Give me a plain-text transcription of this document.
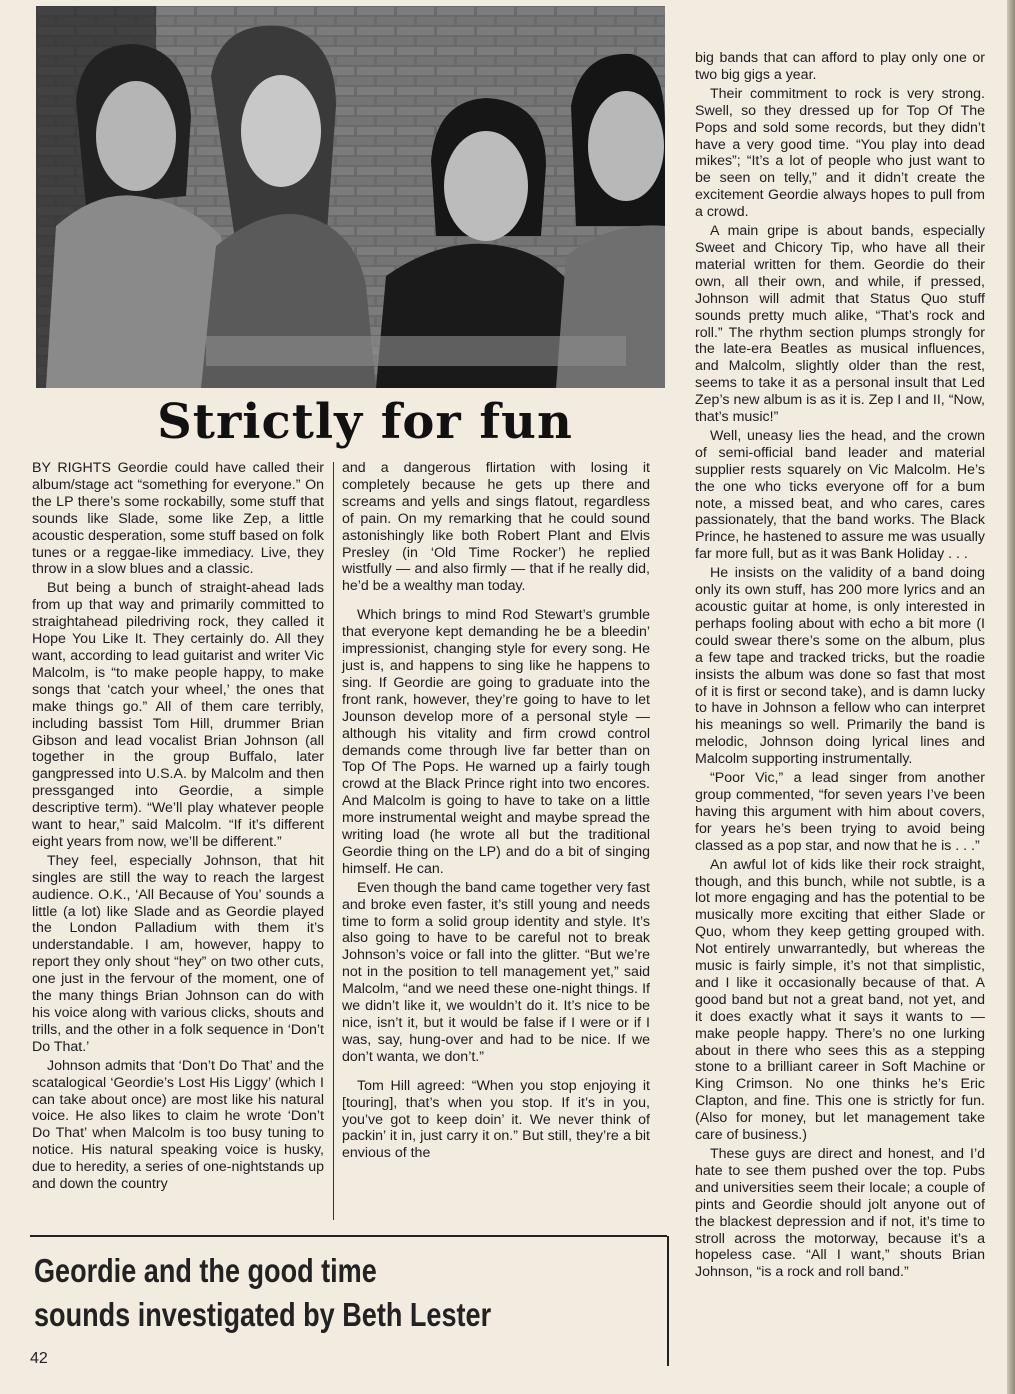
Strictly for fun

BY RIGHTS Geordie could have called their album/stage act “something for everyone.” On the LP there’s some rockabilly, some stuff that sounds like Slade, some like Zep, a little acoustic desperation, some stuff based on folk tunes or a reggae-like immediacy. Live, they throw in a slow blues and a classic.

But being a bunch of straight-ahead lads from up that way and primarily committed to straightahead piledriving rock, they called it Hope You Like It. They certainly do. All they want, according to lead guitarist and writer Vic Malcolm, is “to make people happy, to make songs that ‘catch your wheel,’ the ones that make things go.” All of them care terribly, including bassist Tom Hill, drummer Brian Gibson and lead vocalist Brian Johnson (all together in the group Buffalo, later gangpressed into U.S.A. by Malcolm and then pressganged into Geordie, a simple descriptive term). “We’ll play whatever people want to hear,” said Malcolm. “If it’s different eight years from now, we’ll be different.”

They feel, especially Johnson, that hit singles are still the way to reach the largest audience. O.K., ‘All Because of You’ sounds a little (a lot) like Slade and as Geordie played the London Palladium with them it’s understandable. I am, however, happy to report they only shout “hey” on two other cuts, one just in the fervour of the moment, one of the many things Brian Johnson can do with his voice along with various clicks, shouts and trills, and the other in a folk sequence in ‘Don’t Do That.’

Johnson admits that ‘Don’t Do That’ and the scatalogical ‘Geordie’s Lost His Liggy’ (which I can take about once) are most like his natural voice. He also likes to claim he wrote ‘Don’t Do That’ when Malcolm is too busy tuning to notice. His natural speaking voice is husky, due to heredity, a series of one-nightstands up and down the country

and a dangerous flirtation with losing it completely because he gets up there and screams and yells and sings flatout, regardless of pain. On my remarking that he could sound astonishingly like both Robert Plant and Elvis Presley (in ‘Old Time Rocker’) he replied wistfully — and also firmly — that if he really did, he’d be a wealthy man today.

Which brings to mind Rod Stewart’s grumble that everyone kept demanding he be a bleedin’ impressionist, changing style for every song. He just is, and happens to sing like he happens to sing. If Geordie are going to graduate into the front rank, however, they’re going to have to let Jounson develop more of a personal style — although his vitality and firm crowd control demands come through live far better than on Top Of The Pops. He warned up a fairly tough crowd at the Black Prince right into two encores. And Malcolm is going to have to take on a little more instrumental weight and maybe spread the writing load (he wrote all but the traditional Geordie thing on the LP) and do a bit of singing himself. He can.

Even though the band came together very fast and broke even faster, it’s still young and needs time to form a solid group identity and style. It’s also going to have to be careful not to break Johnson’s voice or fall into the glitter. “But we’re not in the position to tell management yet,” said Malcolm, “and we need these one-night things. If we didn’t like it, we wouldn’t do it. It’s nice to be nice, isn’t it, but it would be false if I were or if I was, say, hung-over and had to be nice. If we don’t wanta, we don’t.”

Tom Hill agreed: “When you stop enjoying it [touring], that’s when you stop. If it’s in you, you’ve got to keep doin’ it. We never think of packin’ it in, just carry it on.” But still, they’re a bit envious of the

big bands that can afford to play only one or two big gigs a year.

Their commitment to rock is very strong. Swell, so they dressed up for Top Of The Pops and sold some records, but they didn’t have a very good time. “You play into dead mikes”; “It’s a lot of people who just want to be seen on telly,” and it didn’t create the excitement Geordie always hopes to pull from a crowd.

A main gripe is about bands, especially Sweet and Chicory Tip, who have all their material written for them. Geordie do their own, all their own, and while, if pressed, Johnson will admit that Status Quo stuff sounds pretty much alike, “That’s rock and roll.” The rhythm section plumps strongly for the late-era Beatles as musical influences, and Malcolm, slightly older than the rest, seems to take it as a personal insult that Led Zep’s new album is as it is. Zep I and II, “Now, that’s music!”

Well, uneasy lies the head, and the crown of semi-official band leader and material supplier rests squarely on Vic Malcolm. He’s the one who ticks everyone off for a bum note, a missed beat, and who cares, cares passionately, that the band works. The Black Prince, he hastened to assure me was usually far more full, but as it was Bank Holiday . . .

He insists on the validity of a band doing only its own stuff, has 200 more lyrics and an acoustic guitar at home, is only interested in perhaps fooling about with echo a bit more (I could swear there’s some on the album, plus a few tape and tracked tricks, but the roadie insists the album was done so fast that most of it is first or second take), and is damn lucky to have in Johnson a fellow who can interpret his meanings so well. Primarily the band is melodic, Johnson doing lyrical lines and Malcolm supporting instrumentally.

“Poor Vic,” a lead singer from another group commented, “for seven years I’ve been having this argument with him about covers, for years he’s been trying to avoid being classed as a pop star, and now that he is . . .”

An awful lot of kids like their rock straight, though, and this bunch, while not subtle, is a lot more engaging and has the potential to be musically more exciting that either Slade or Quo, whom they keep getting grouped with. Not entirely unwarrantedly, but whereas the music is fairly simple, it’s not that simplistic, and I like it occasionally because of that. A good band but not a great band, not yet, and it does exactly what it says it wants to — make people happy. There’s no one lurking about in there who sees this as a stepping stone to a brilliant career in Soft Machine or King Crimson. No one thinks he’s Eric Clapton, and fine. This one is strictly for fun. (Also for money, but let management take care of business.)

These guys are direct and honest, and I’d hate to see them pushed over the top. Pubs and universities seem their locale; a couple of pints and Geordie should jolt anyone out of the blackest depression and if not, it’s time to stroll across the motorway, because it’s a hopeless case. “All I want,” shouts Brian Johnson, “is a rock and roll band.”

Geordie and the good time
sounds investigated by Beth Lester
42
